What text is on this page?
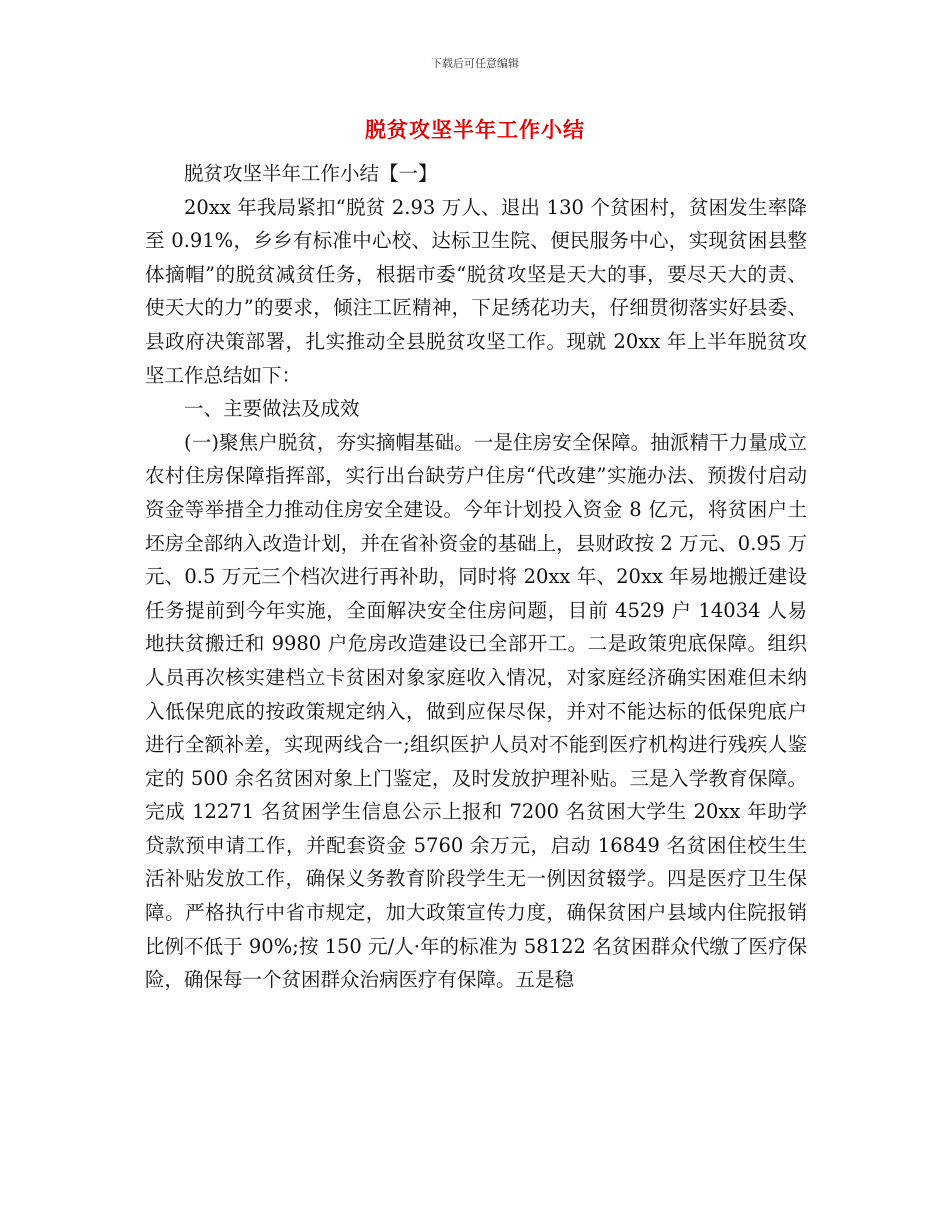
下载后可任意编辑
脱贫攻坚半年工作小结

脱贫攻坚半年工作小结【一】

20xx 年我局紧扣“脱贫 2.93 万人、退出 130 个贫困村，贫困发生率降至 0.91%，乡乡有标准中心校、达标卫生院、便民服务中心，实现贫困县整体摘帽”的脱贫减贫任务，根据市委“脱贫攻坚是天大的事，要尽天大的责、使天大的力”的要求，倾注工匠精神，下足绣花功夫，仔细贯彻落实好县委、县政府决策部署，扎实推动全县脱贫攻坚工作。现就 20xx 年上半年脱贫攻坚工作总结如下：

一、主要做法及成效

(一)聚焦户脱贫，夯实摘帽基础。一是住房安全保障。抽派精干力量成立农村住房保障指挥部，实行出台缺劳户住房“代改建”实施办法、预拨付启动资金等举措全力推动住房安全建设。今年计划投入资金 8 亿元，将贫困户土坯房全部纳入改造计划，并在省补资金的基础上，县财政按 2 万元、0.95 万元、0.5 万元三个档次进行再补助，同时将 20xx 年、20xx 年易地搬迁建设任务提前到今年实施，全面解决安全住房问题，目前 4529 户 14034 人易地扶贫搬迁和 9980 户危房改造建设已全部开工。二是政策兜底保障。组织人员再次核实建档立卡贫困对象家庭收入情况，对家庭经济确实困难但未纳入低保兜底的按政策规定纳入，做到应保尽保，并对不能达标的低保兜底户进行全额补差，实现两线合一;组织医护人员对不能到医疗机构进行残疾人鉴定的 500 余名贫困对象上门鉴定，及时发放护理补贴。三是入学教育保障。完成 12271 名贫困学生信息公示上报和 7200 名贫困大学生 20xx 年助学贷款预申请工作，并配套资金 5760 余万元，启动 16849 名贫困住校生生活补贴发放工作，确保义务教育阶段学生无一例因贫辍学。四是医疗卫生保障。严格执行中省市规定，加大政策宣传力度，确保贫困户县域内住院报销比例不低于 90%;按 150 元/人·年的标准为 58122 名贫困群众代缴了医疗保险，确保每一个贫困群众治病医疗有保障。五是稳
